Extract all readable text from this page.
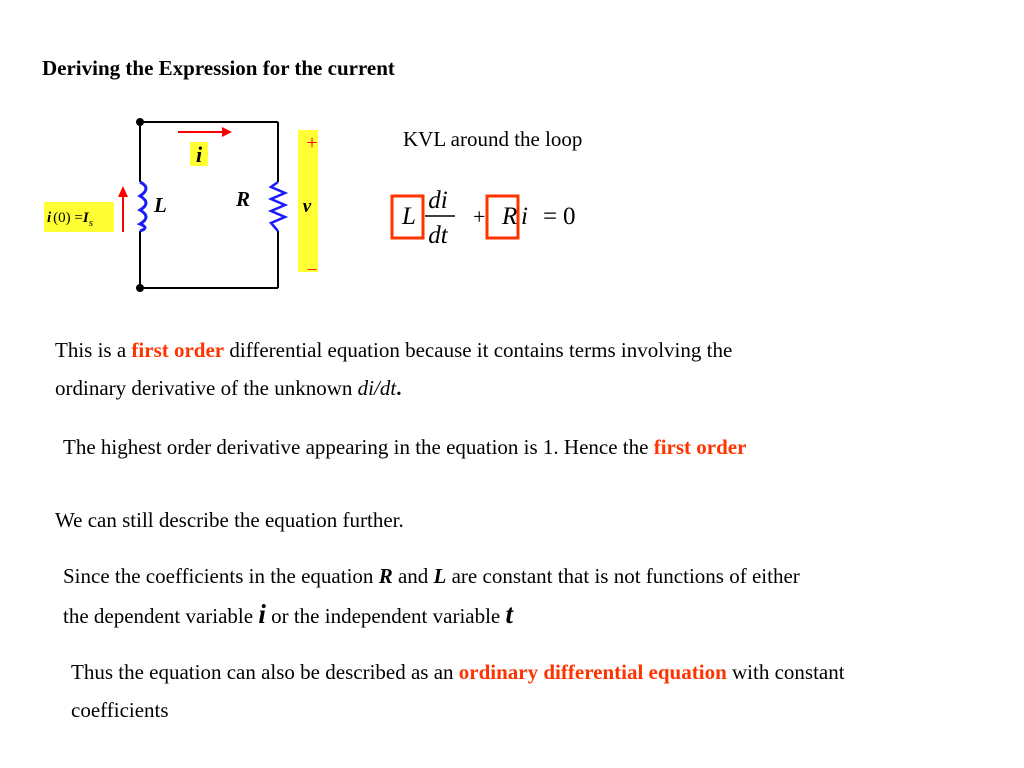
Deriving the Expression for the current
i
i $(0) =I_s$
L	R
+
v
–
L
di
dt
+ R i = 0
KVL around the loop
This is a first order differential equation because it contains terms involving the
ordinary derivative of the unknown di/dt.
The highest order derivative appearing in the equation is 1. Hence the first order
We can still describe the equation further.
Since the coefficients in the equation R and L are constant that is not functions of either
the dependent variable i or the independent variable t
Thus the equation can also be described as an ordinary differential equation with constant
coefficients
